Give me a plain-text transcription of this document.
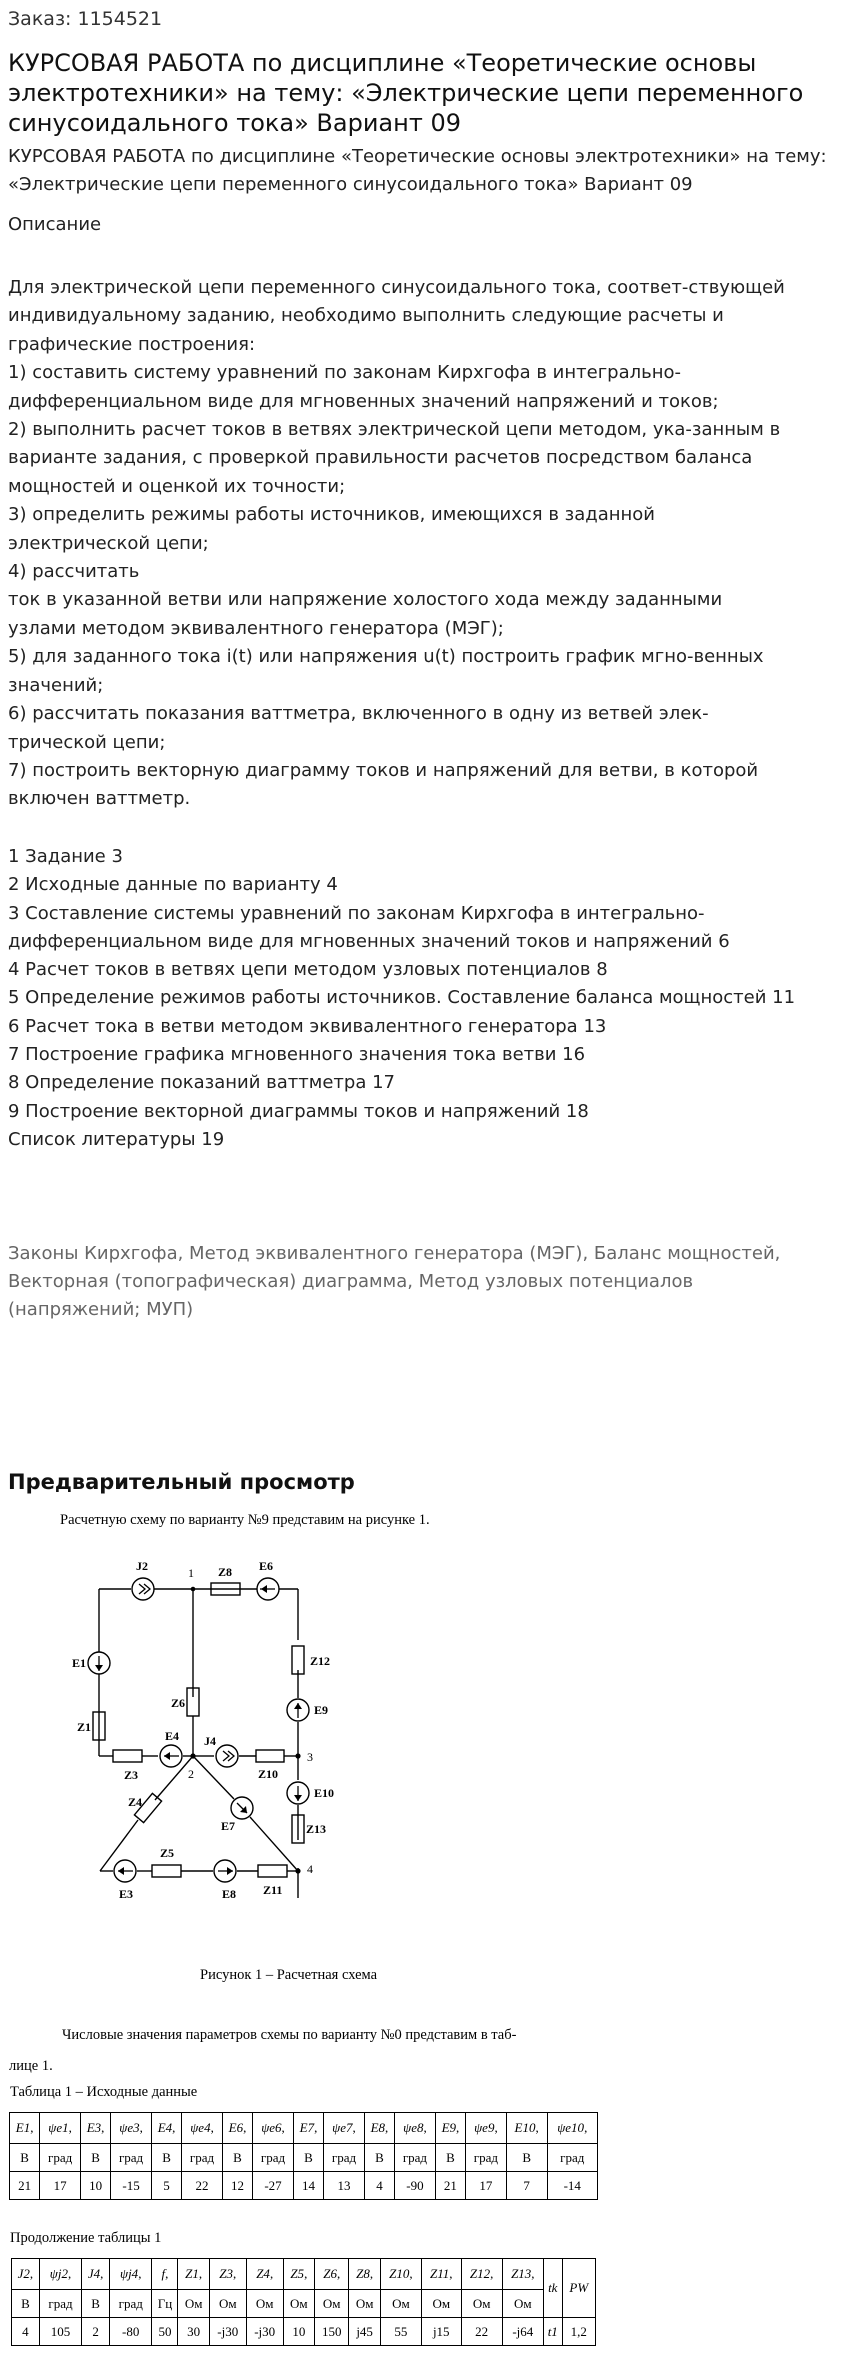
Заказ: 1154521
КУРСОВАЯ РАБОТА по дисциплине «Теоретические основы электротехники» на тему: «Электрические цепи переменного синусоидального тока» Вариант 09
КУРСОВАЯ РАБОТА по дисциплине «Теоретические основы электротехники» на тему: «Электрические цепи переменного синусоидального тока» Вариант 09
Описание
Для электрической цепи переменного синусоидального тока, соответ-ствующей
индивидуальному заданию, необходимо выполнить следующие расчеты и
графические построения:
1) составить систему уравнений по законам Кирхгофа в интегрально-
дифференциальном виде для мгновенных значений напряжений и токов;
2) выполнить расчет токов в ветвях электрической цепи методом, ука-занным в
варианте задания, с проверкой правильности расчетов посредством баланса
мощностей и оценкой их точности;
3) определить режимы работы источников, имеющихся в заданной
электрической цепи;
4) рассчитать
ток в указанной ветви или напряжение холостого хода между заданными
узлами методом эквивалентного генератора (МЭГ);
5) для заданного тока i(t) или напряжения u(t) построить график мгно-венных
значений;
6) рассчитать показания ваттметра, включенного в одну из ветвей элек-
трической цепи;
7) построить векторную диаграмму токов и напряжений для ветви, в которой
включен ваттметр.
1 Задание 3
2 Исходные данные по варианту 4
3 Составление системы уравнений по законам Кирхгофа в интегрально-
дифференциальном виде для мгновенных значений токов и напряжений 6
4 Расчет токов в ветвях цепи методом узловых потенциалов 8
5 Определение режимов работы источников. Составление баланса мощностей 11
6 Расчет тока в ветви методом эквивалентного генератора 13
7 Построение графика мгновенного значения тока ветви 16
8 Определение показаний ваттметра 17
9 Построение векторной диаграммы токов и напряжений 18
Список литературы 19
Законы Кирхгофа, Метод эквивалентного генератора (МЭГ), Баланс мощностей,
Векторная (топографическая) диаграмма, Метод узловых потенциалов
(напряжений; МУП)
Предварительный просмотр
Расчетную схему по варианту №9 представим на рисунке 1.
J2	E6
Z8
E1	Z12
Z6
Z1
E9
E4 J4
Z3	Z10
Z4
E10
E7	Z13
Z5
E3	E8 Z11
1
2
3
4
Рисунок 1 – Расчетная схема
Числовые значения параметров схемы по варианту №0 представим в таб-
лице 1.
Таблица 1 – Исходные данные
E1,	ψe1,	E3,	ψe3,	E4,	ψe4,	E6,	ψe6,	E7,	ψe7,	E8,	ψe8,	E9,	ψe9,	E10,	ψe10,
В	град	В	град	В	град	В	град	В	град	В	град	В	град	В	град
21	17	10	-15	5	22	12	-27	14	13	4	-90	21	17	7	-14
Продолжение таблицы 1
J2,	ψj2,	J4,	ψj4,	f,	Z1,	Z3,	Z4,	Z5,	Z6,	Z8,	Z10,	Z11,	Z12,	Z13,	tk	PW
В	град	В	град	Гц	Ом	Ом	Ом	Ом	Ом	Ом	Ом	Ом	Ом	Ом		
4	105	2	-80	50	30	-j30	-j30	10	150	j45	55	j15	22	-j64	t1	1,2
